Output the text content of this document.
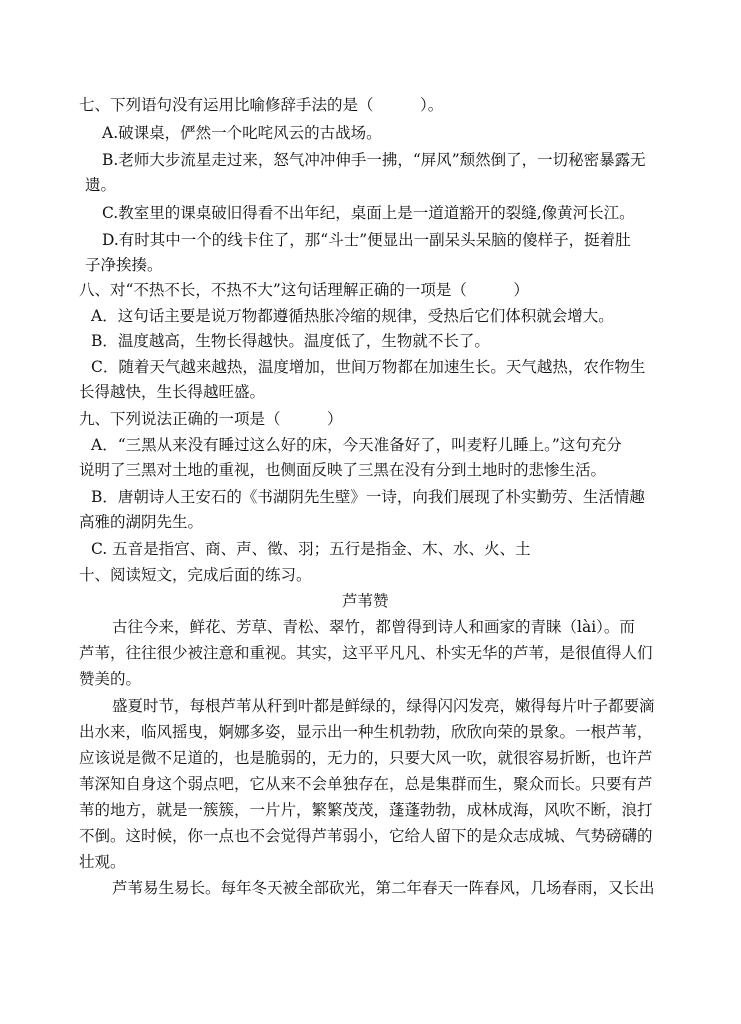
七、下列语句没有运用比喻修辞手法的是（　　　）。
A.破课桌，俨然一个叱咤风云的古战场。
B.老师大步流星走过来，怒气冲冲伸手一拂，“屏风”颓然倒了，一切秘密暴露无
遗。
C.教室里的课桌破旧得看不出年纪，桌面上是一道道豁开的裂缝,像黄河长江。
D.有时其中一个的线卡住了，那“斗士”便显出一副呆头呆脑的傻样子，挺着肚
子净挨揍。
八、对“不热不长，不热不大”这句话理解正确的一项是（　　　）
A．这句话主要是说万物都遵循热胀冷缩的规律，受热后它们体积就会增大。
B．温度越高，生物长得越快。温度低了，生物就不长了。
C．随着天气越来越热，温度增加，世间万物都在加速生长。天气越热，农作物生
长得越快，生长得越旺盛。
九、下列说法正确的一项是（　　　）
A．“三黑从来没有睡过这么好的床，今天准备好了，叫麦籽儿睡上。”这句充分
说明了三黑对土地的重视，也侧面反映了三黑在没有分到土地时的悲惨生活。
B．唐朝诗人王安石的《书湖阴先生壁》一诗，向我们展现了朴实勤劳、生活情趣
高雅的湖阴先生。
C. 五音是指宫、商、声、徵、羽；五行是指金、木、水、火、土
十、阅读短文，完成后面的练习。
芦苇赞
古往今来，鲜花、芳草、青松、翠竹，都曾得到诗人和画家的青睐（lài）。而
芦苇，往往很少被注意和重视。其实，这平平凡凡、朴实无华的芦苇，是很值得人们
赞美的。
盛夏时节，每根芦苇从秆到叶都是鲜绿的，绿得闪闪发亮，嫩得每片叶子都要滴
出水来，临风摇曳，婀娜多姿，显示出一种生机勃勃，欣欣向荣的景象。一根芦苇，
应该说是微不足道的，也是脆弱的，无力的，只要大风一吹，就很容易折断，也许芦
苇深知自身这个弱点吧，它从来不会单独存在，总是集群而生，聚众而长。只要有芦
苇的地方，就是一簇簇，一片片，繁繁茂茂，蓬蓬勃勃，成林成海，风吹不断，浪打
不倒。这时候，你一点也不会觉得芦苇弱小，它给人留下的是众志成城、气势磅礴的
壮观。
芦苇易生易长。每年冬天被全部砍光，第二年春天一阵春风，几场春雨，又长出
